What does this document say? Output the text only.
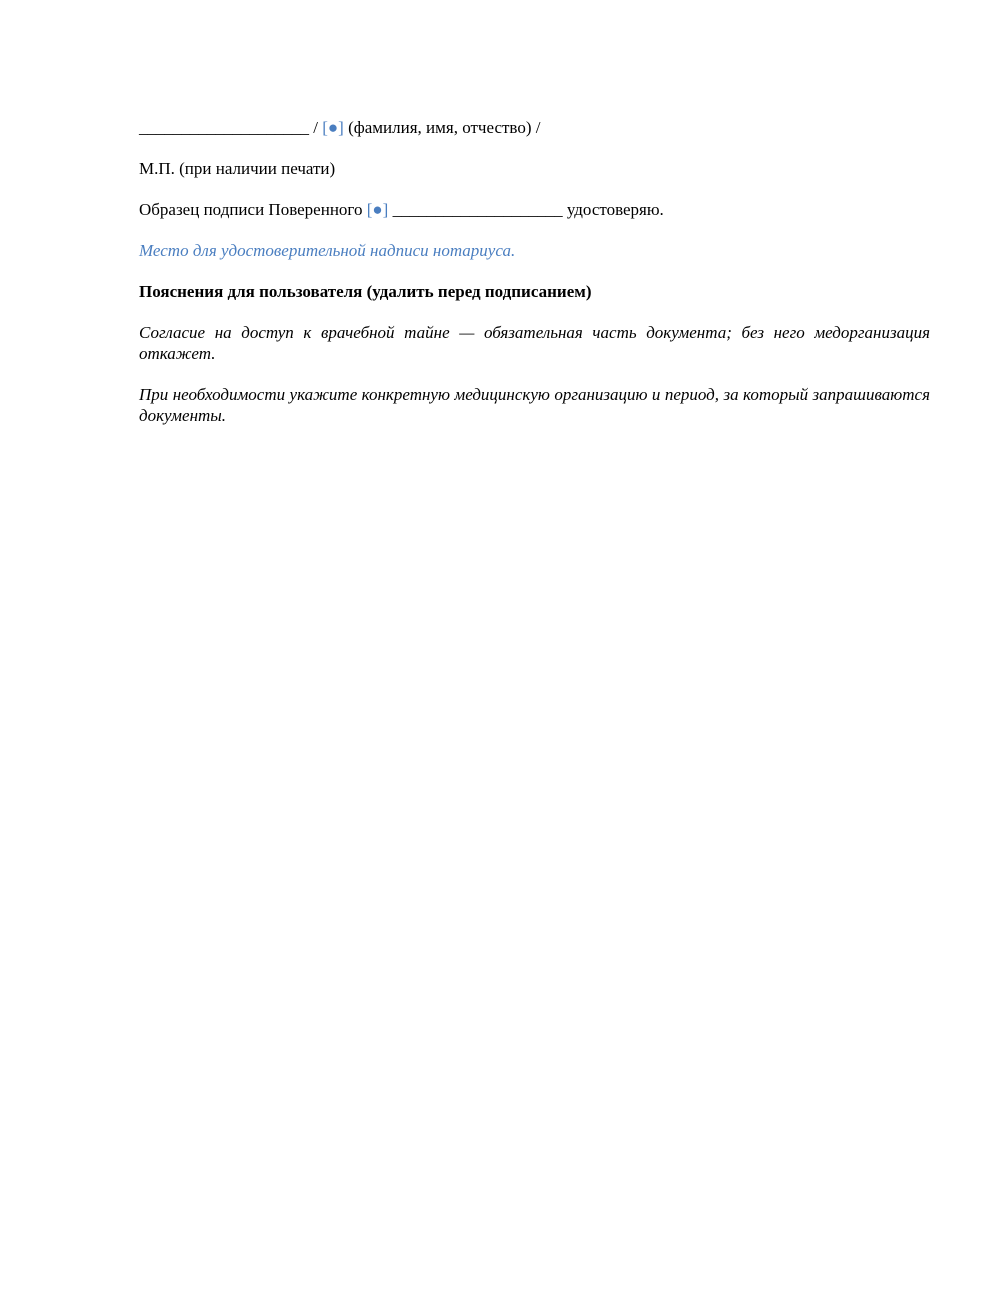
____________________ / [●] (фамилия, имя, отчество) /

М.П. (при наличии печати)

Образец подписи Поверенного [●] ____________________ удостоверяю.

Место для удостоверительной надписи нотариуса.

Пояснения для пользователя (удалить перед подписанием)

Согласие на доступ к врачебной тайне — обязательная часть документа; без него медорганизация откажет.

При необходимости укажите конкретную медицинскую организацию и период, за который запрашиваются документы.
